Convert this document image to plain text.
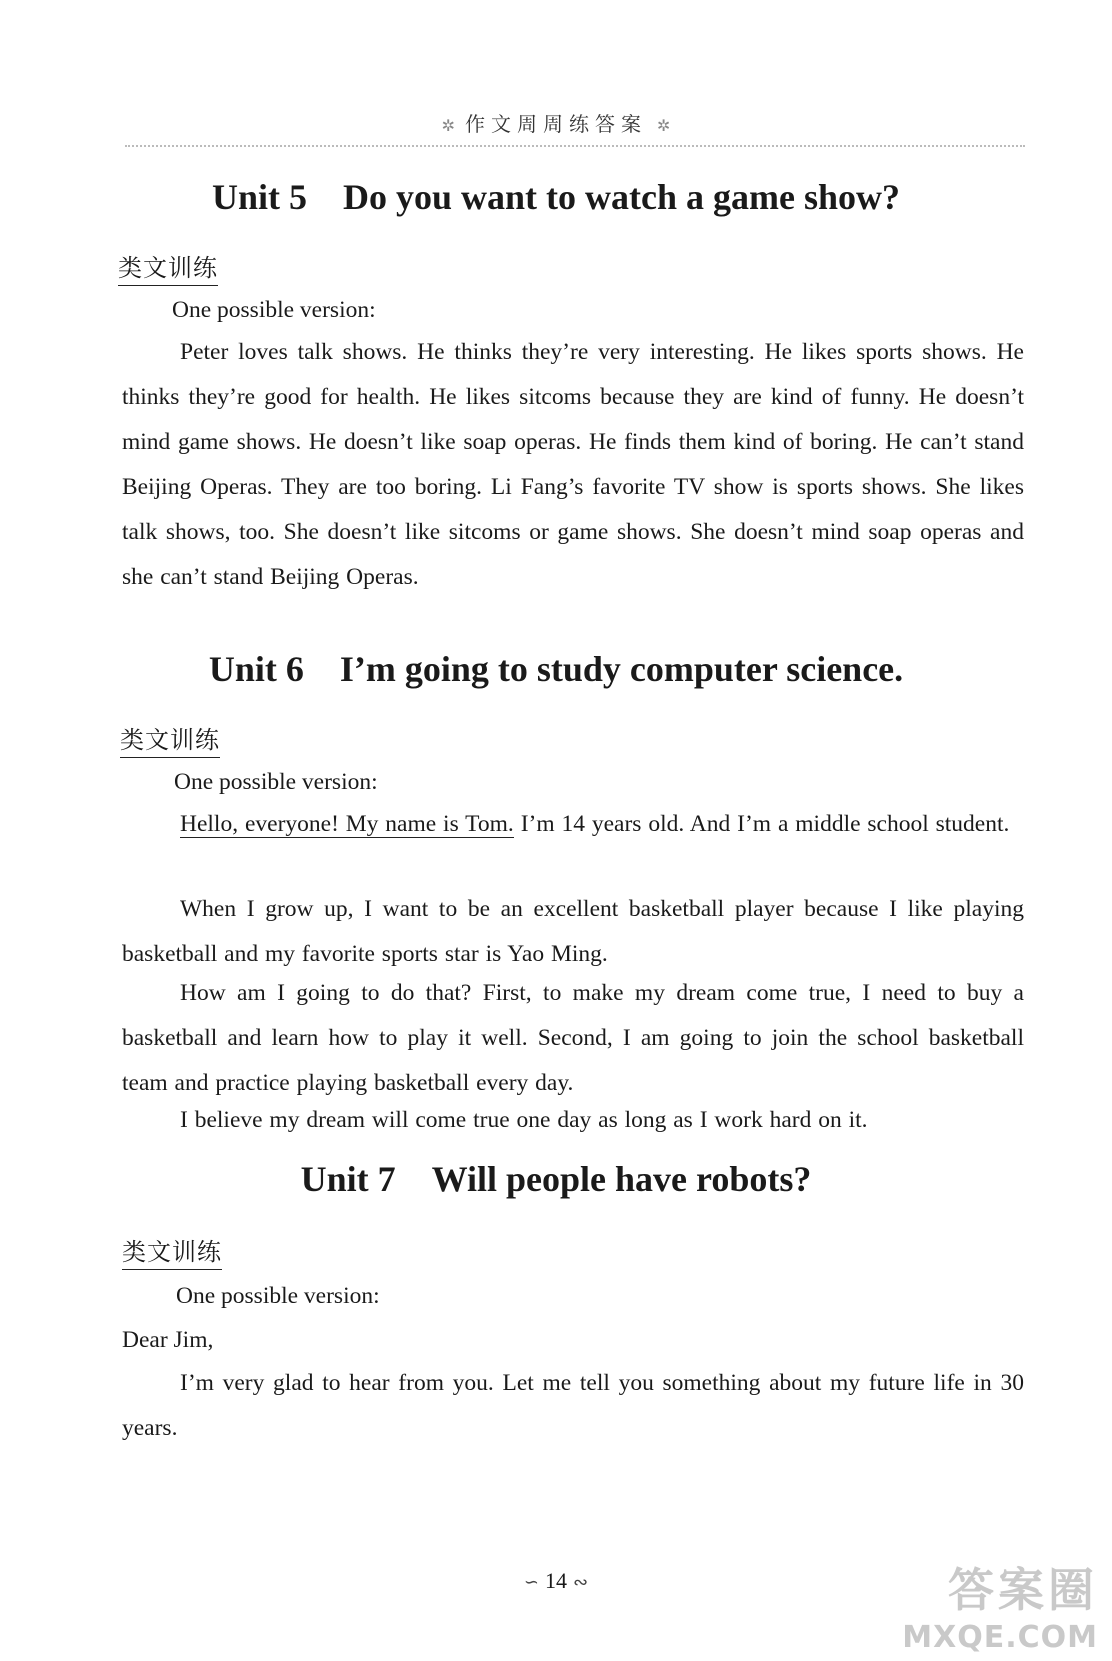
✲ 作文周周练答案 ✲
Unit 5 Do you want to watch a game show?
类文训练
One possible version:
Peter loves talk shows. He thinks they’re very interesting. He likes sports shows. He thinks they’re good for health. He likes sitcoms because they are kind of funny. He doesn’t mind game shows. He doesn’t like soap operas. He finds them kind of boring. He can’t stand Beijing Operas. They are too boring. Li Fang’s favorite TV show is sports shows. She likes talk shows, too. She doesn’t like sitcoms or game shows. She doesn’t mind soap operas and she can’t stand Beijing Operas.
Unit 6 I’m going to study computer science.
类文训练
One possible version:
Hello, everyone! My name is Tom. I’m 14 years old. And I’m a middle school student.
When I grow up, I want to be an excellent basketball player because I like playing basketball and my favorite sports star is Yao Ming.
How am I going to do that? First, to make my dream come true, I need to buy a basketball and learn how to play it well. Second, I am going to join the school basketball team and practice playing basketball every day.
I believe my dream will come true one day as long as I work hard on it.
Unit 7 Will people have robots?
类文训练
One possible version:
Dear Jim,
I’m very glad to hear from you. Let me tell you something about my future life in 30 years.
∽ 14 ∾	答案圈
MXQE.COM
